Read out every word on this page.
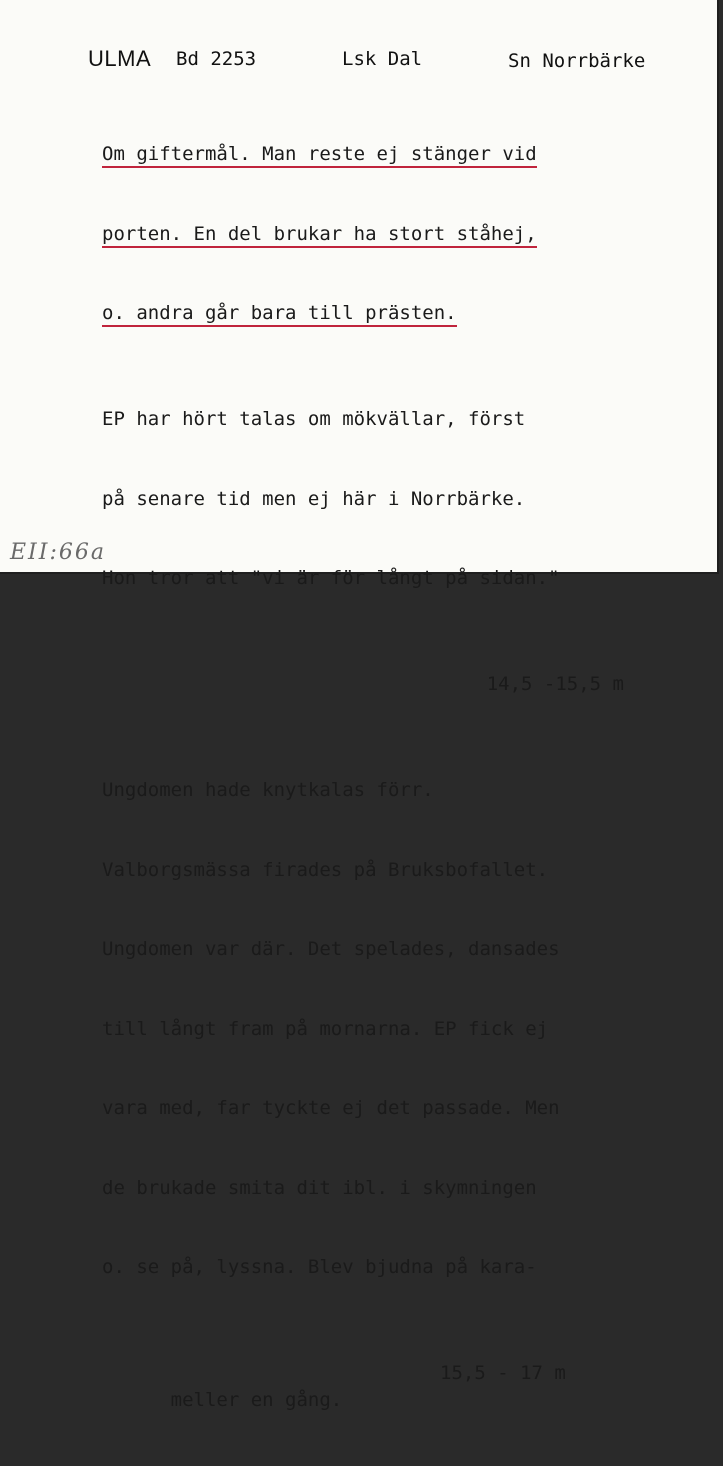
ULMA Bd 2253	Lsk Dal	Sn Norrbärke

Om giftermål. Man reste ej stänger vid

porten. En del brukar ha stort ståhej,

o. andra går bara till prästen.

EP har hört talas om mökvällar, först

på senare tid men ej här i Norrbärke.

Hon tror att "vi är för långt på sidan."

14,5 -15,5 m

Ungdomen hade knytkalas förr.

Valborgsmässa firades på Bruksbofallet.

Ungdomen var där. Det spelades, dansades

till långt fram på mornarna. EP fick ej

vara med, far tyckte ej det passade. Men

de brukade smita dit ibl. i skymningen

o. se på, lyssna. Blev bjudna på kara-

meller en gång.

15,5 - 17 m

EII:66a
